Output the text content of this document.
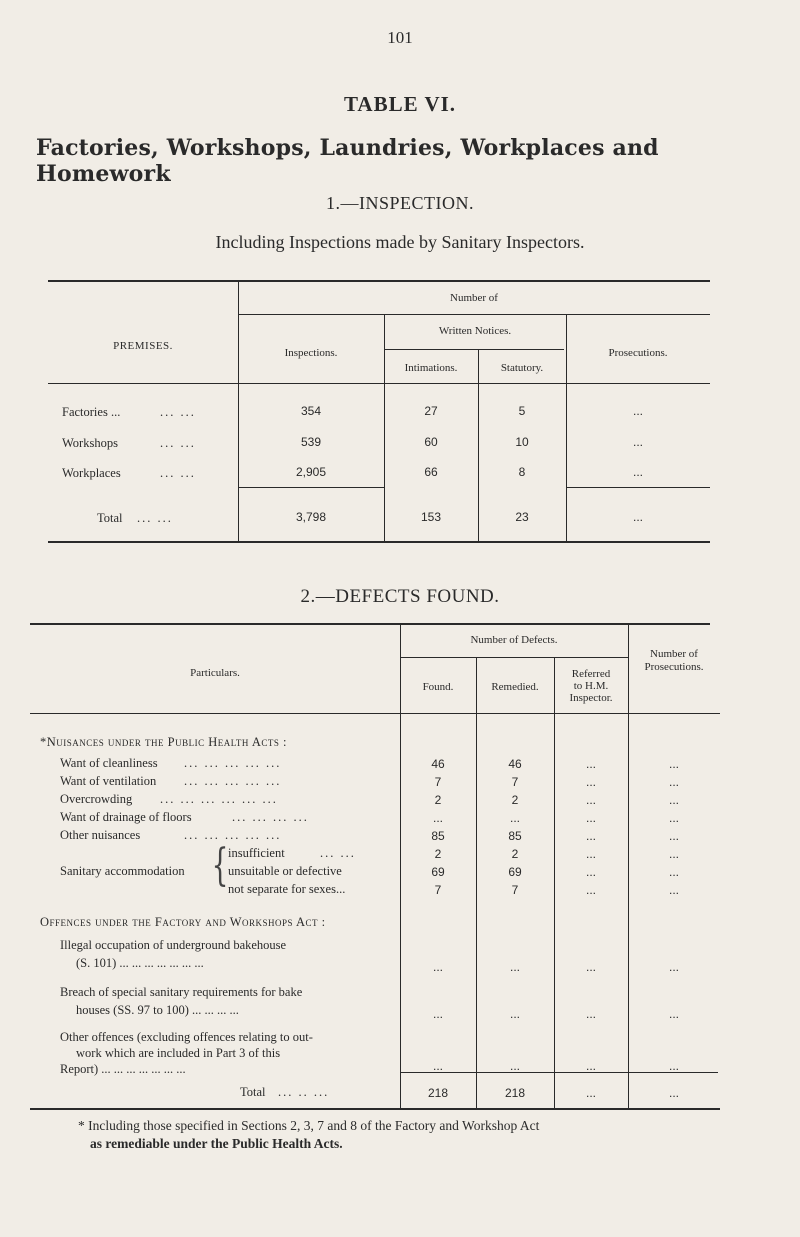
101
TABLE VI.
Factories, Workshops, Laundries, Workplaces and Homework
1.—INSPECTION.
Including Inspections made by Sanitary Inspectors.
PREMISES.
Number of
Inspections.
Written Notices.
Intimations.	Statutory.
Prosecutions.
Factories ...	... ...	354	27	5	...
Workshops	... ...	539	60	10	...
Workplaces	... ...	2,905	66	8	...
Total ... ...	3,798	153	23	...
2.—DEFECTS FOUND.
Particulars.
Number of Defects.
Found.	Remedied.
Referred
to H.M.
Inspector.
Number of
Prosecutions.
*Nuisances under the Public Health Acts :
Want of cleanliness ... ... ... ... ...	46	46	...	...
Want of ventilation ... ... ... ... ...	7	7	...	...
Overcrowding ... ... ... ... ... ...	2	2	...	...
Want of drainage of floors	... ... ... ...	...	...	...	...
Other nuisances	... ... ... ... ...	85	85	...	...
Sanitary accommodation { insufficient	... ...	2	2	...	...
unsuitable or defective	69	69	...	...
not separate for sexes...	7	7	...	...
Offences under the Factory and Workshops Act :
Illegal occupation of underground bakehouse
(S. 101) ... ... ... ... ... ... ...	...	...	...	...
Breach of special sanitary requirements for bake
houses (SS. 97 to 100) ... ... ... ...	...	...	...	...
Other offences (excluding offences relating to out-
work which are included in Part 3 of this
Report) ... ... ... ... ... ... ...	...	...	...	...
Total ... .. ...	218	218	...	...
* Including those specified in Sections 2, 3, 7 and 8 of the Factory and Workshop Act
as remediable under the Public Health Acts.
